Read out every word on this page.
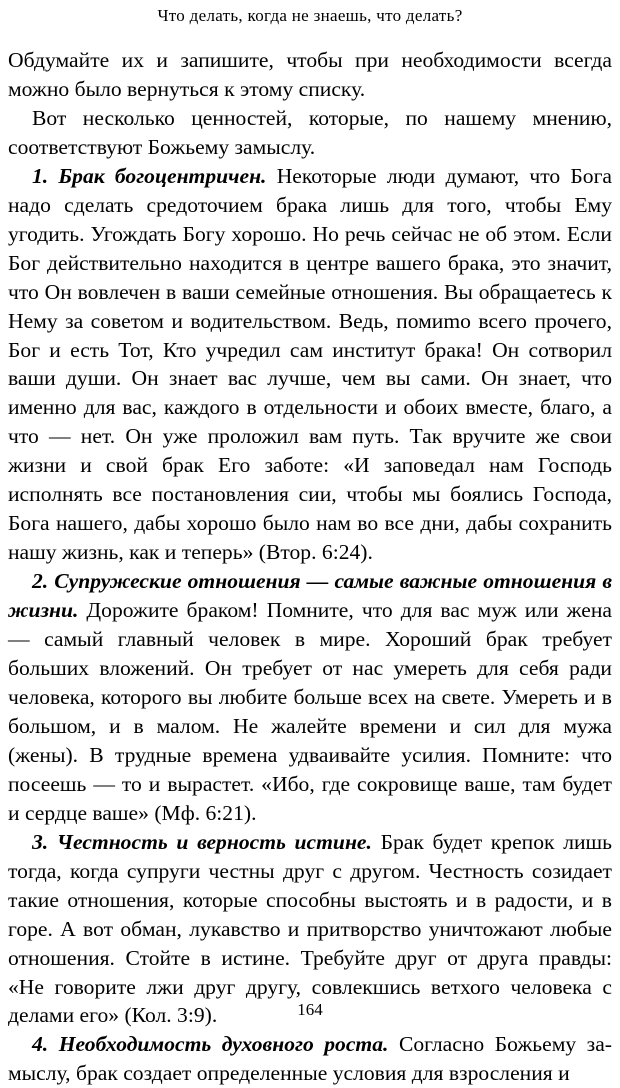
Что делать, когда не знаешь, что делать?

Обдумайте их и запишите, чтобы при необходимости всегда можно было вернуться к этому списку.

Вот несколько ценностей, которые, по нашему мнению, соответствуют Божьему замыслу.

1. Брак богоцентричен. Некоторые люди думают, что Бога надо сделать средоточием брака лишь для того, чтобы Ему угодить. Угождать Богу хорошо. Но речь сейчас не об этом. Если Бог действительно находится в центре вашего брака, это значит, что Он вовлечен в ваши семейные отношения. Вы обращаетесь к Нему за советом и водительством. Ведь, помиmо всего прочего, Бог и есть Тот, Кто учредил сам институт брака! Он сотворил ваши души. Он знает вас лучше, чем вы сами. Он знает, что именно для вас, каждого в отдельности и обоих вместе, благо, а что — нет. Он уже проложил вам путь. Так вручите же свои жизни и свой брак Его заботе: «И заповедал нам Господь исполнять все постановления сии, чтобы мы боялись Господа, Бога нашего, дабы хорошо было нам во все дни, дабы сохранить нашу жизнь, как и теперь» (Втор. 6:24).

2. Супружеские отношения — самые важные отношения в жизни. Дорожите браком! Помните, что для вас муж или жена — самый главный человек в мире. Хороший брак требует больших вложений. Он требует от нас умереть для себя ради человека, которого вы любите больше всех на свете. Умереть и в большом, и в малом. Не жалейте времени и сил для мужа (жены). В трудные времена удваивайте усилия. Помните: что посеешь — то и вырастет. «Ибо, где сокровище ваше, там будет и сердце ваше» (Мф. 6:21).

3. Честность и верность истине. Брак будет крепок лишь тогда, когда супруги честны друг с другом. Честность созидает такие отношения, которые способны выстоять и в радости, и в горе. А вот обман, лукавство и притворство уничтожают любые отношения. Стойте в истине. Требуйте друг от друга правды: «Не говорите лжи друг другу, совлекшись ветхого человека с делами его» (Кол. 3:9).

4. Необходимость духовного роста. Согласно Божьему замыслу, брак создает определенные условия для взросления и

164
